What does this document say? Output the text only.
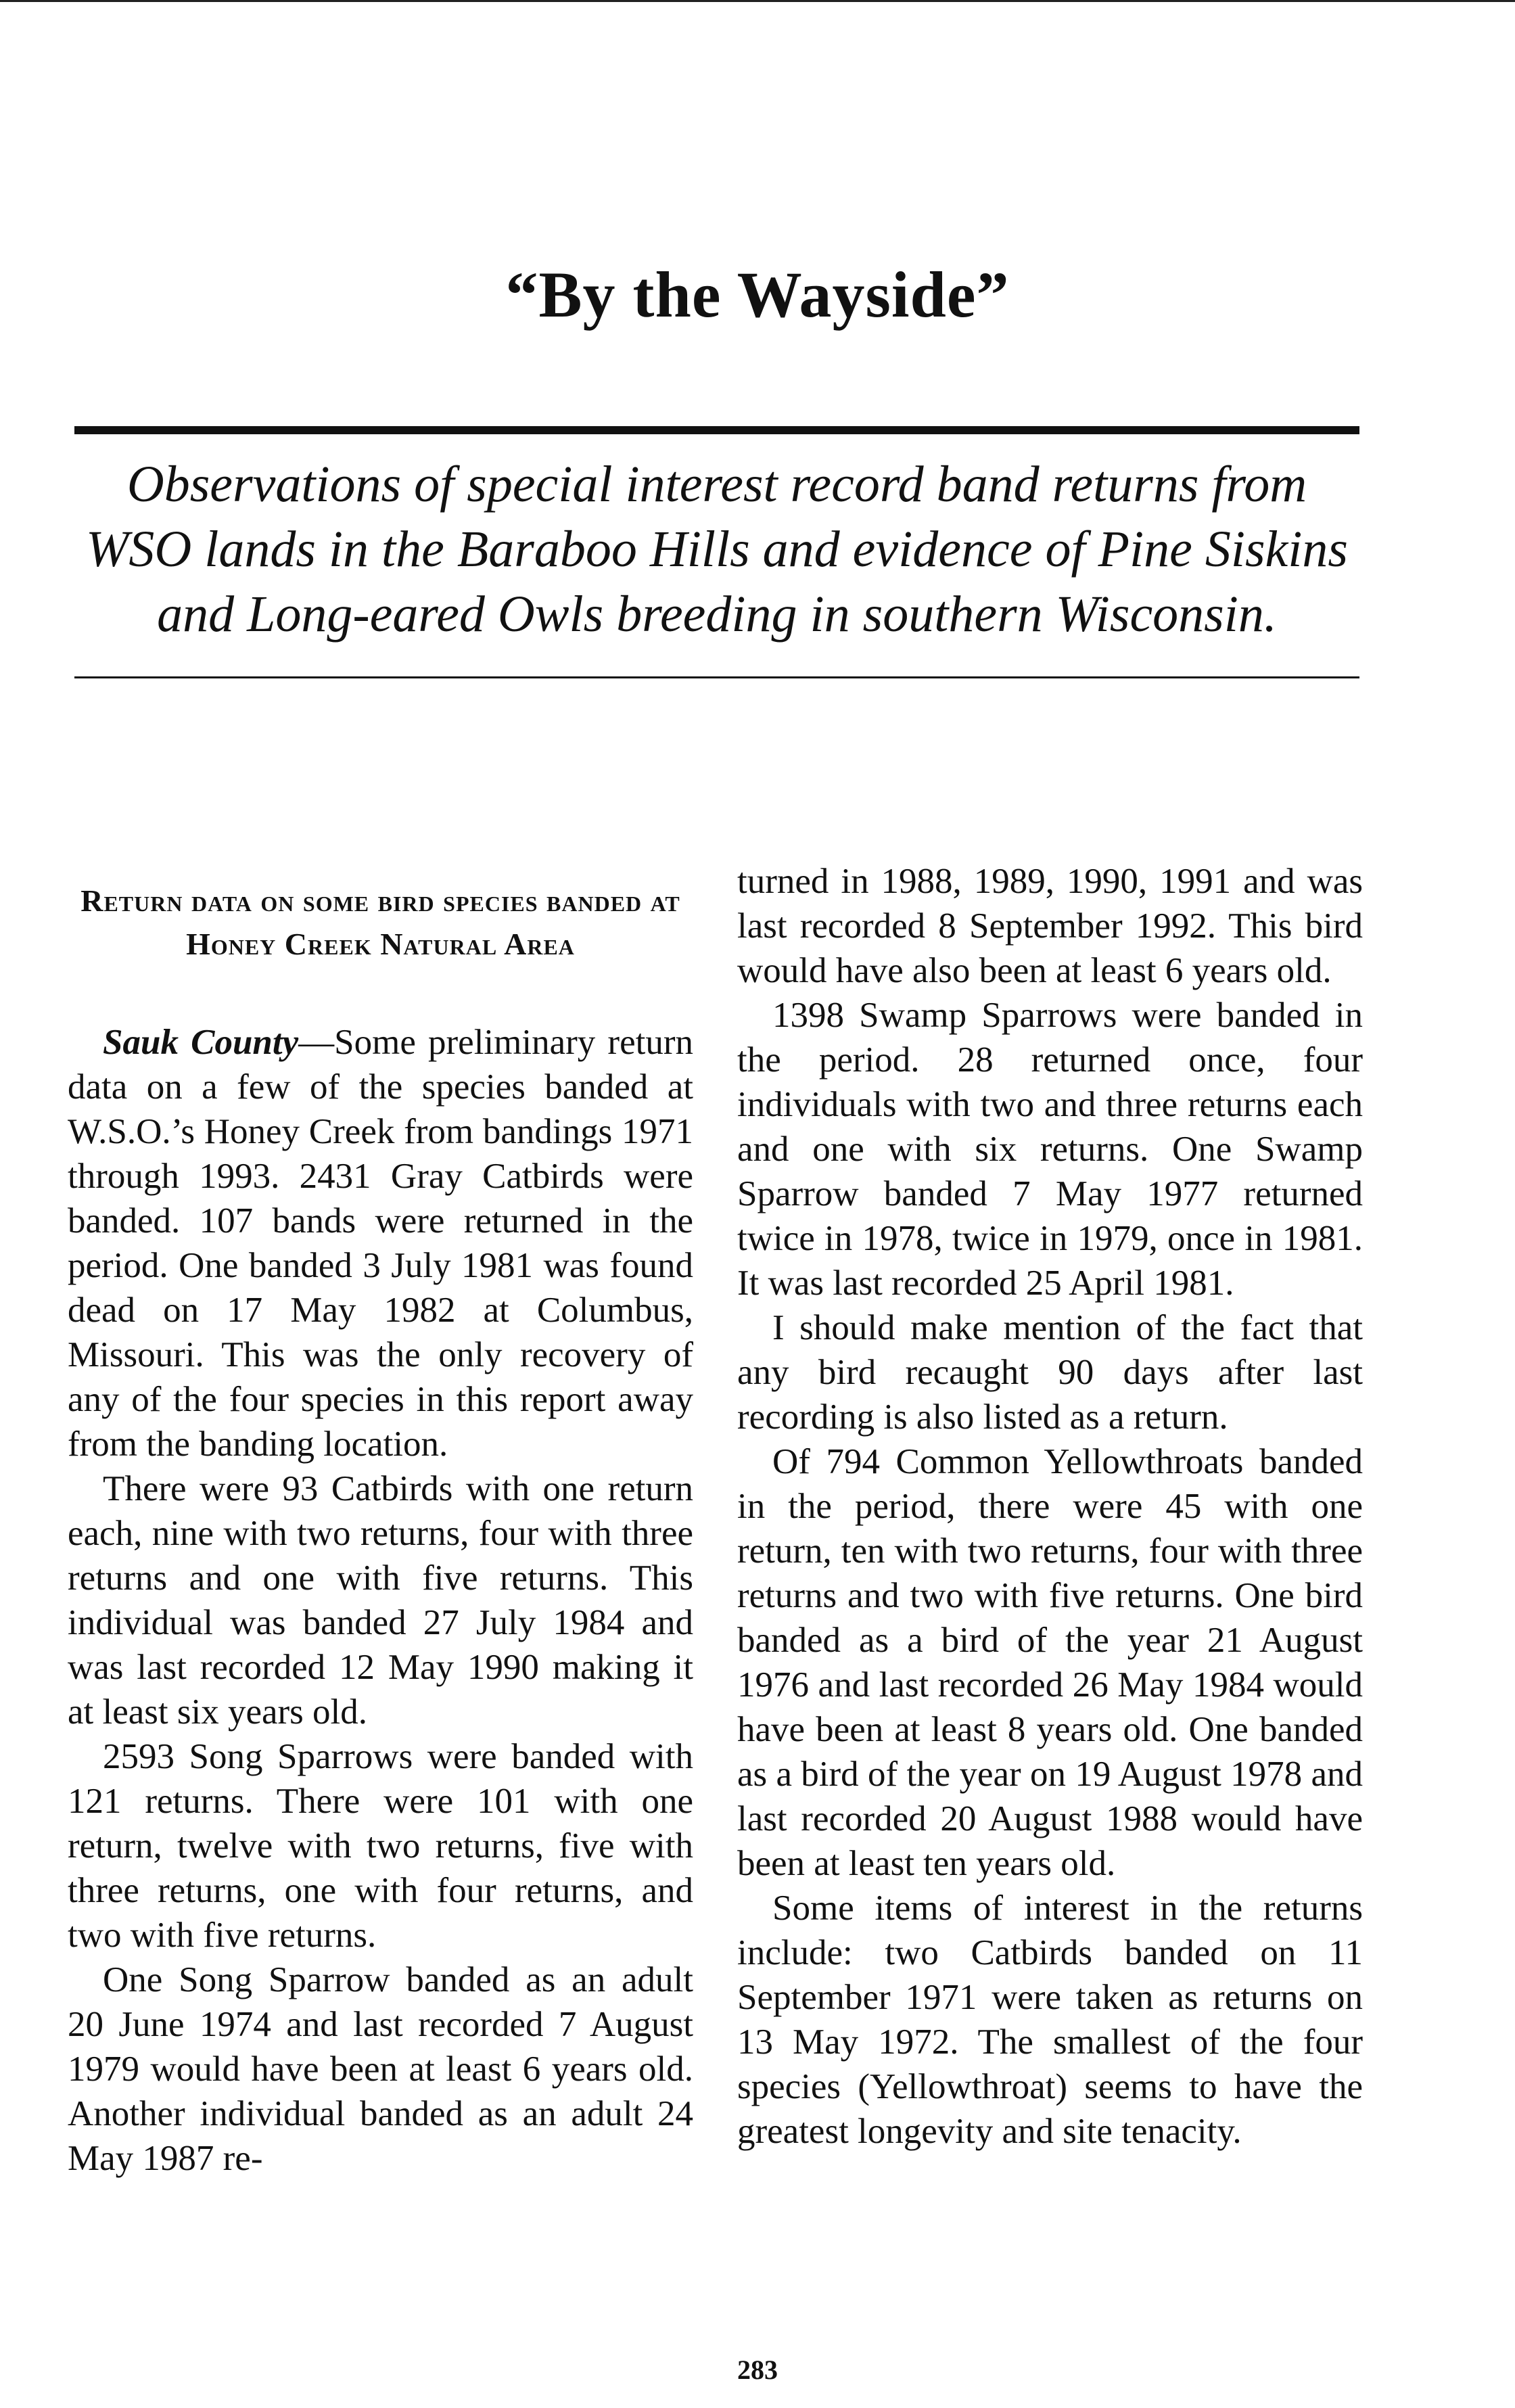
“By the Wayside”

Observations of special interest record band returns from WSO lands in the Baraboo Hills and evidence of Pine Siskins and Long-eared Owls breeding in southern Wisconsin.

Return data on some bird species banded at Honey Creek Natural Area

Sauk County—Some preliminary return data on a few of the species banded at W.S.O.’s Honey Creek from bandings 1971 through 1993. 2431 Gray Catbirds were banded. 107 bands were returned in the period. One banded 3 July 1981 was found dead on 17 May 1982 at Columbus, Missouri. This was the only recovery of any of the four species in this report away from the banding location.

There were 93 Catbirds with one return each, nine with two returns, four with three returns and one with five returns. This individual was banded 27 July 1984 and was last recorded 12 May 1990 making it at least six years old.

2593 Song Sparrows were banded with 121 returns. There were 101 with one return, twelve with two returns, five with three returns, one with four returns, and two with five returns.

One Song Sparrow banded as an adult 20 June 1974 and last recorded 7 August 1979 would have been at least 6 years old. Another individual banded as an adult 24 May 1987 re-

turned in 1988, 1989, 1990, 1991 and was last recorded 8 September 1992. This bird would have also been at least 6 years old.

1398 Swamp Sparrows were banded in the period. 28 returned once, four individuals with two and three returns each and one with six returns. One Swamp Sparrow banded 7 May 1977 returned twice in 1978, twice in 1979, once in 1981. It was last recorded 25 April 1981.

I should make mention of the fact that any bird recaught 90 days after last recording is also listed as a return.

Of 794 Common Yellowthroats banded in the period, there were 45 with one return, ten with two returns, four with three returns and two with five returns. One bird banded as a bird of the year 21 August 1976 and last recorded 26 May 1984 would have been at least 8 years old. One banded as a bird of the year on 19 August 1978 and last recorded 20 August 1988 would have been at least ten years old.

Some items of interest in the returns include: two Catbirds banded on 11 September 1971 were taken as returns on 13 May 1972. The smallest of the four species (Yellowthroat) seems to have the greatest longevity and site tenacity.

283
